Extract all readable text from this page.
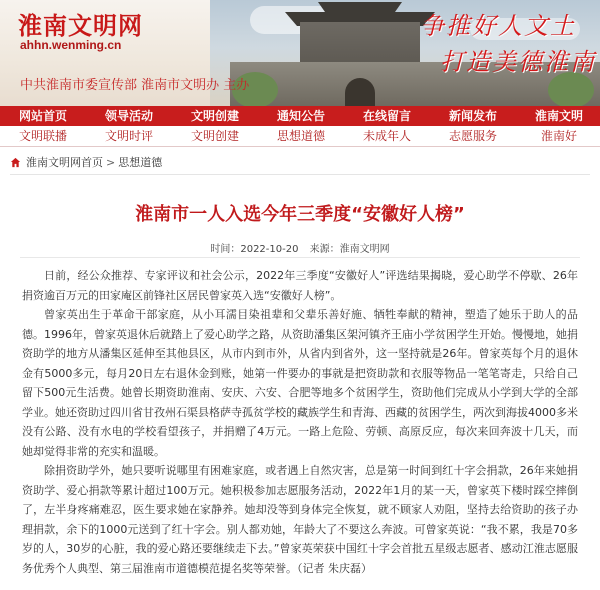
淮南文明网
ahhn.wenming.cn
中共淮南市委宣传部 淮南市文明办 主办
争推好人文土
打造美德淮南
网站首页	领导活动	文明创建	通知公告	在线留言	新闻发布	淮南文明
文明联播	文明时评	文明创建	思想道德	未成年人	志愿服务	淮南好
淮南文明网首页 > 思想道德
淮南市一人入选今年三季度“安徽好人榜”
时间：2022-10-20 来源：淮南文明网

日前，经公众推荐、专家评议和社会公示，2022年三季度“安徽好人”评选结果揭晓，爱心助学不停歇、26年捐资逾百万元的田家庵区前锋社区居民曾家英入选“安徽好人榜”。

曾家英出生于革命干部家庭，从小耳濡目染祖辈和父辈乐善好施、牺牲奉献的精神，塑造了她乐于助人的品德。1996年，曾家英退休后就踏上了爱心助学之路，从资助潘集区架河镇齐王庙小学贫困学生开始。慢慢地，她捐资助学的地方从潘集区延伸至其他县区，从市内到市外，从省内到省外，这一坚持就是26年。曾家英每个月的退休金有5000多元，每月20日左右退休金到账，她第一件要办的事就是把资助款和衣服等物品一笔笔寄走，只给自己留下500元生活费。她曾长期资助淮南、安庆、六安、合肥等地多个贫困学生，资助他们完成从小学到大学的全部学业。她还资助过四川省甘孜州石渠县格萨寺孤贫学校的藏族学生和青海、西藏的贫困学生，两次到海拔4000多米没有公路、没有水电的学校看望孩子，并捐赠了4万元。一路上危险、劳顿、高原反应，每次来回奔波十几天，而她却觉得非常的充实和温暖。

除捐资助学外，她只要听说哪里有困难家庭，或者遇上自然灾害，总是第一时间到红十字会捐款，26年来她捐资助学、爱心捐款等累计超过100万元。她积极参加志愿服务活动，2022年1月的某一天，曾家英下楼时踩空摔倒了，左半身疼痛难忍，医生要求她在家静养。她却没等到身体完全恢复，就不顾家人劝阻，坚持去给资助的孩子办理捐款，余下的1000元送到了红十字会。别人都劝她，年龄大了不要这么奔波。可曾家英说：“我不累，我是70多岁的人，30岁的心脏，我的爱心路还要继续走下去。”曾家英荣获中国红十字会首批五星级志愿者、感动江淮志愿服务优秀个人典型、第三届淮南市道德模范提名奖等荣誉。（记者 朱庆磊）
